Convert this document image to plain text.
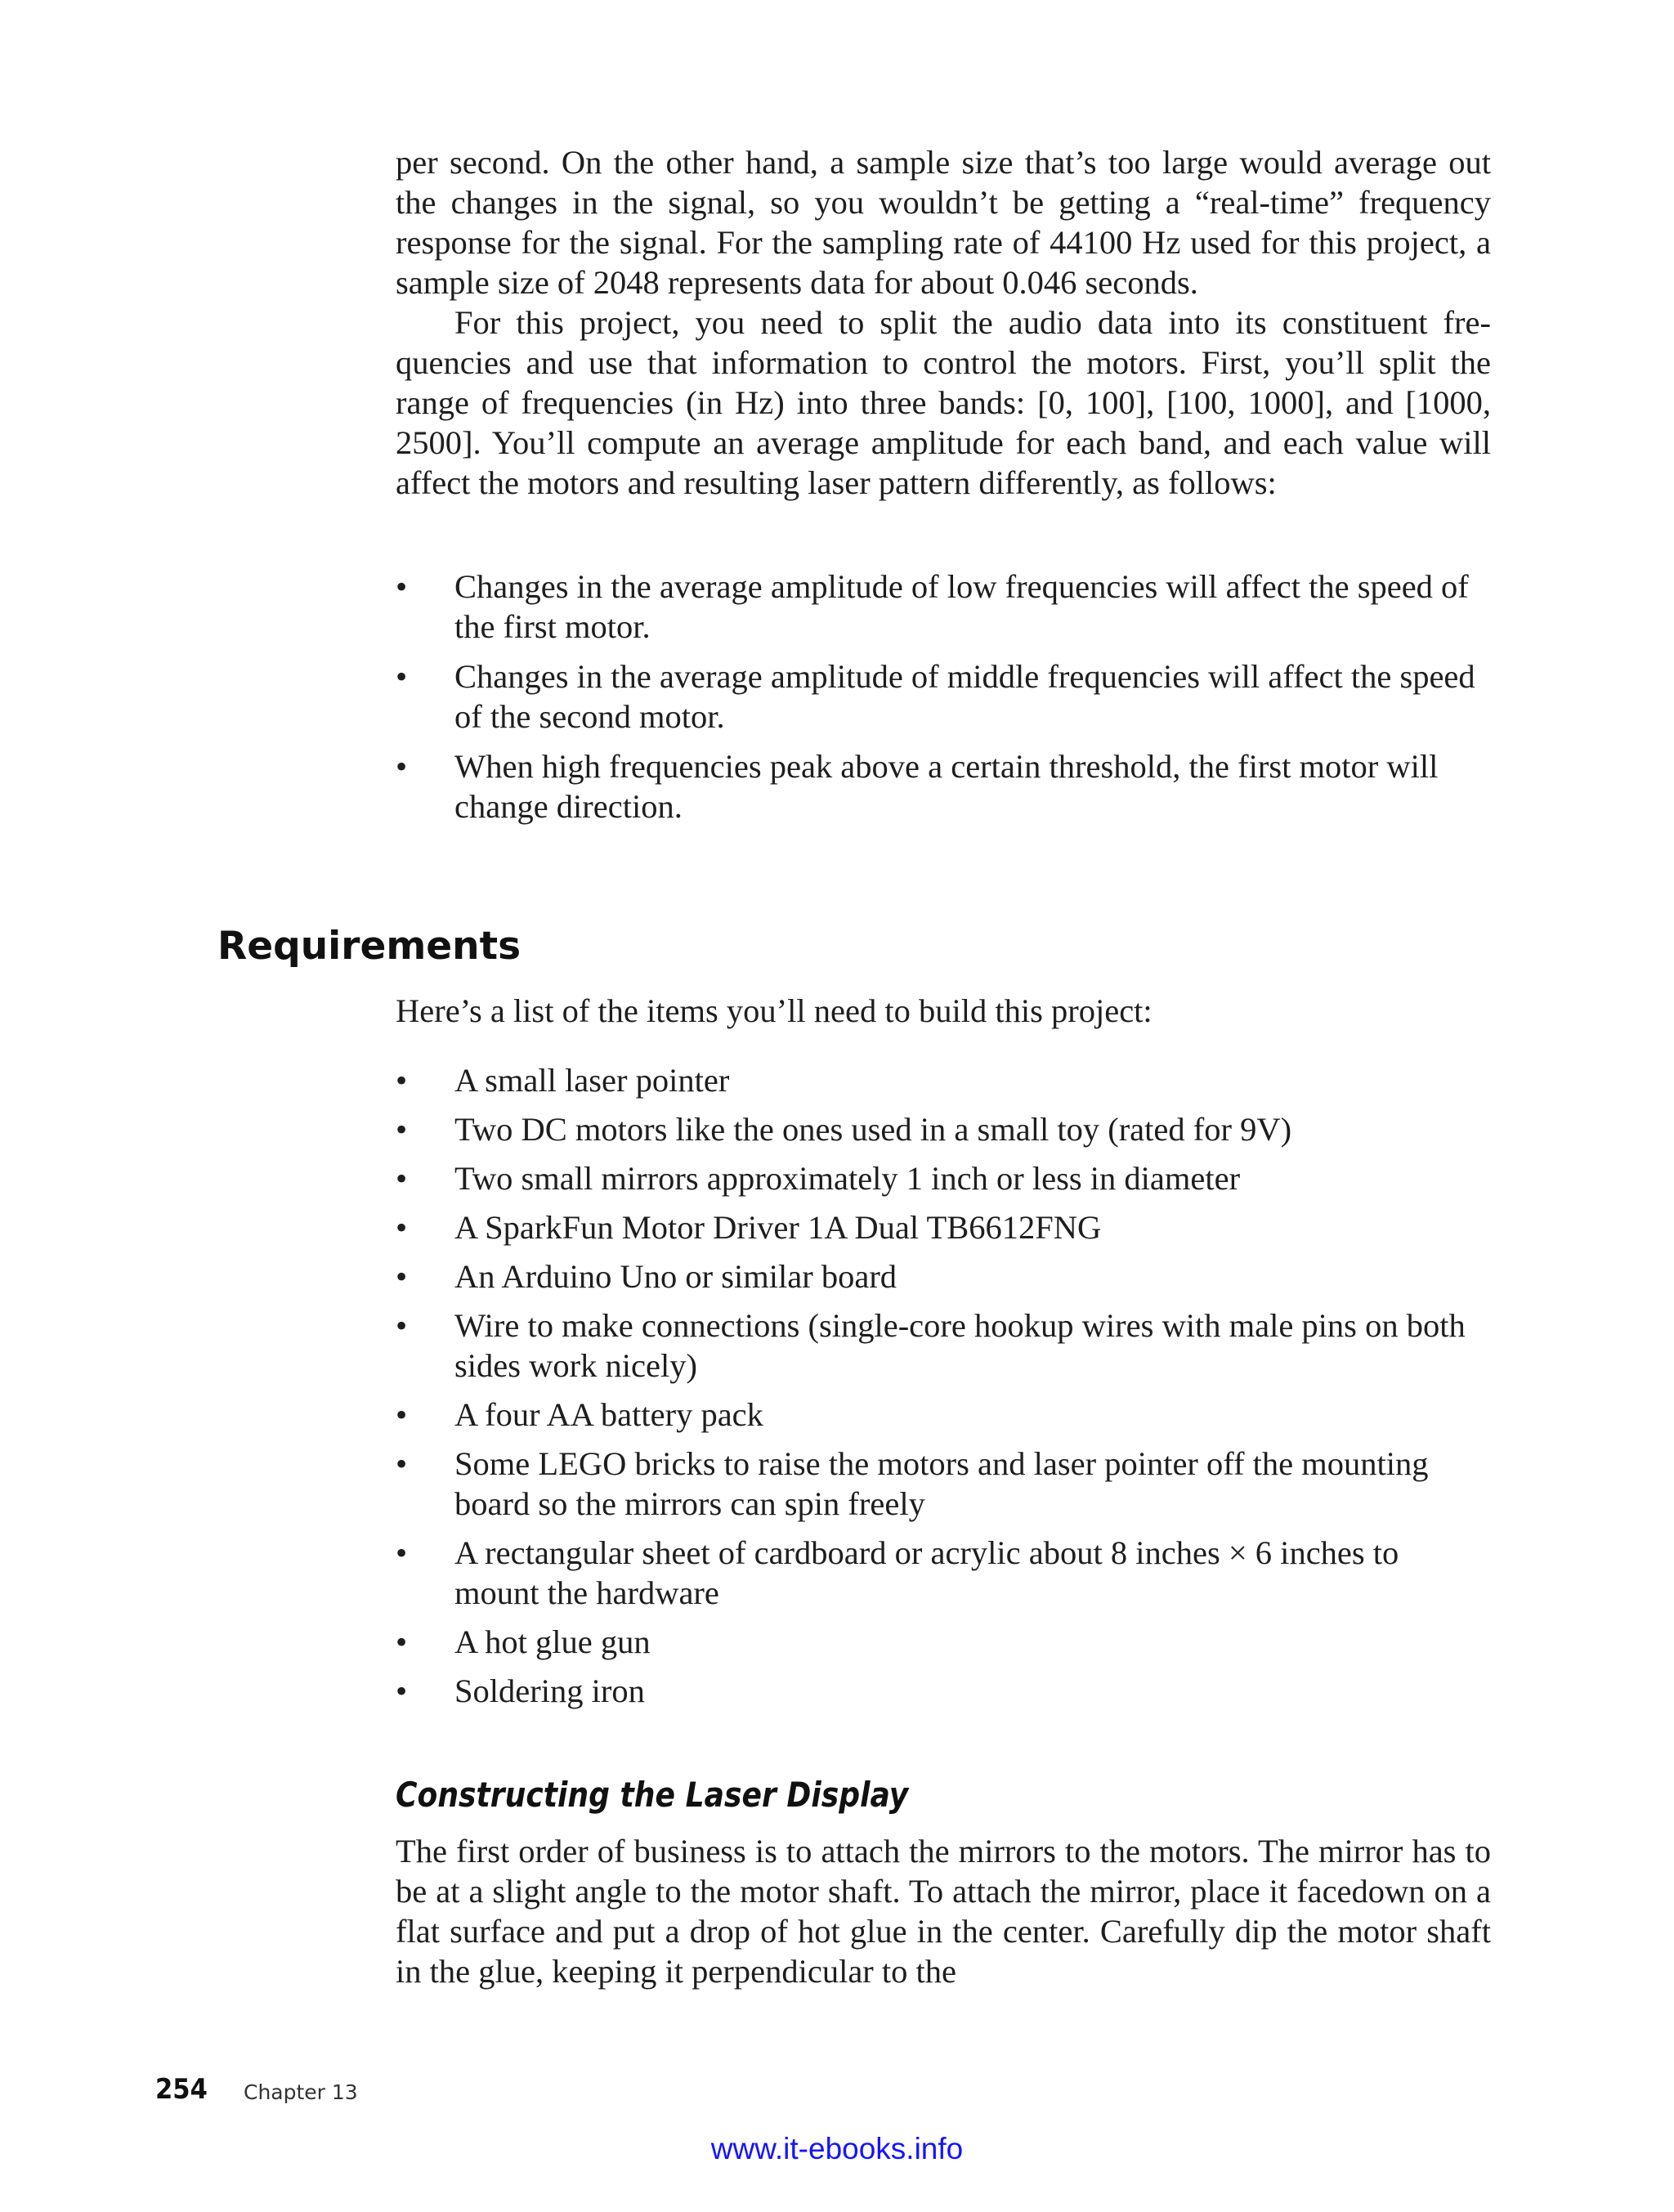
per second. On the other hand, a sample size that’s too large would average out the changes in the signal, so you wouldn’t be getting a “real-time” frequency response for the signal. For the sampling rate of 44100 Hz used for this project, a sample size of 2048 represents data for about 0.046 seconds.

For this project, you need to split the audio data into its constituent frequencies and use that information to control the motors. First, you’ll split the range of frequencies (in Hz) into three bands: [0, 100], [100, 1000], and [1000, 2500]. You’ll compute an average amplitude for each band, and each value will affect the motors and resulting laser pattern differently, as follows:

• Changes in the average amplitude of low frequencies will affect the speed of the first motor.
• Changes in the average amplitude of middle frequencies will affect the speed of the second motor.
• When high frequencies peak above a certain threshold, the first motor will change direction.
Requirements

Here’s a list of the items you’ll need to build this project:

• A small laser pointer
• Two DC motors like the ones used in a small toy (rated for 9V)
• Two small mirrors approximately 1 inch or less in diameter
• A SparkFun Motor Driver 1A Dual TB6612FNG
• An Arduino Uno or similar board
• Wire to make connections (single-core hookup wires with male pins on both sides work nicely)
• A four AA battery pack
• Some LEGO bricks to raise the motors and laser pointer off the mounting board so the mirrors can spin freely
• A rectangular sheet of cardboard or acrylic about 8 inches × 6 inches to mount the hardware
• A hot glue gun
• Soldering iron
Constructing the Laser Display

The first order of business is to attach the mirrors to the motors. The mirror has to be at a slight angle to the motor shaft. To attach the mirror, place it facedown on a flat surface and put a drop of hot glue in the center. Carefully dip the motor shaft in the glue, keeping it perpendicular to the

254 Chapter 13
www.it-ebooks.info
